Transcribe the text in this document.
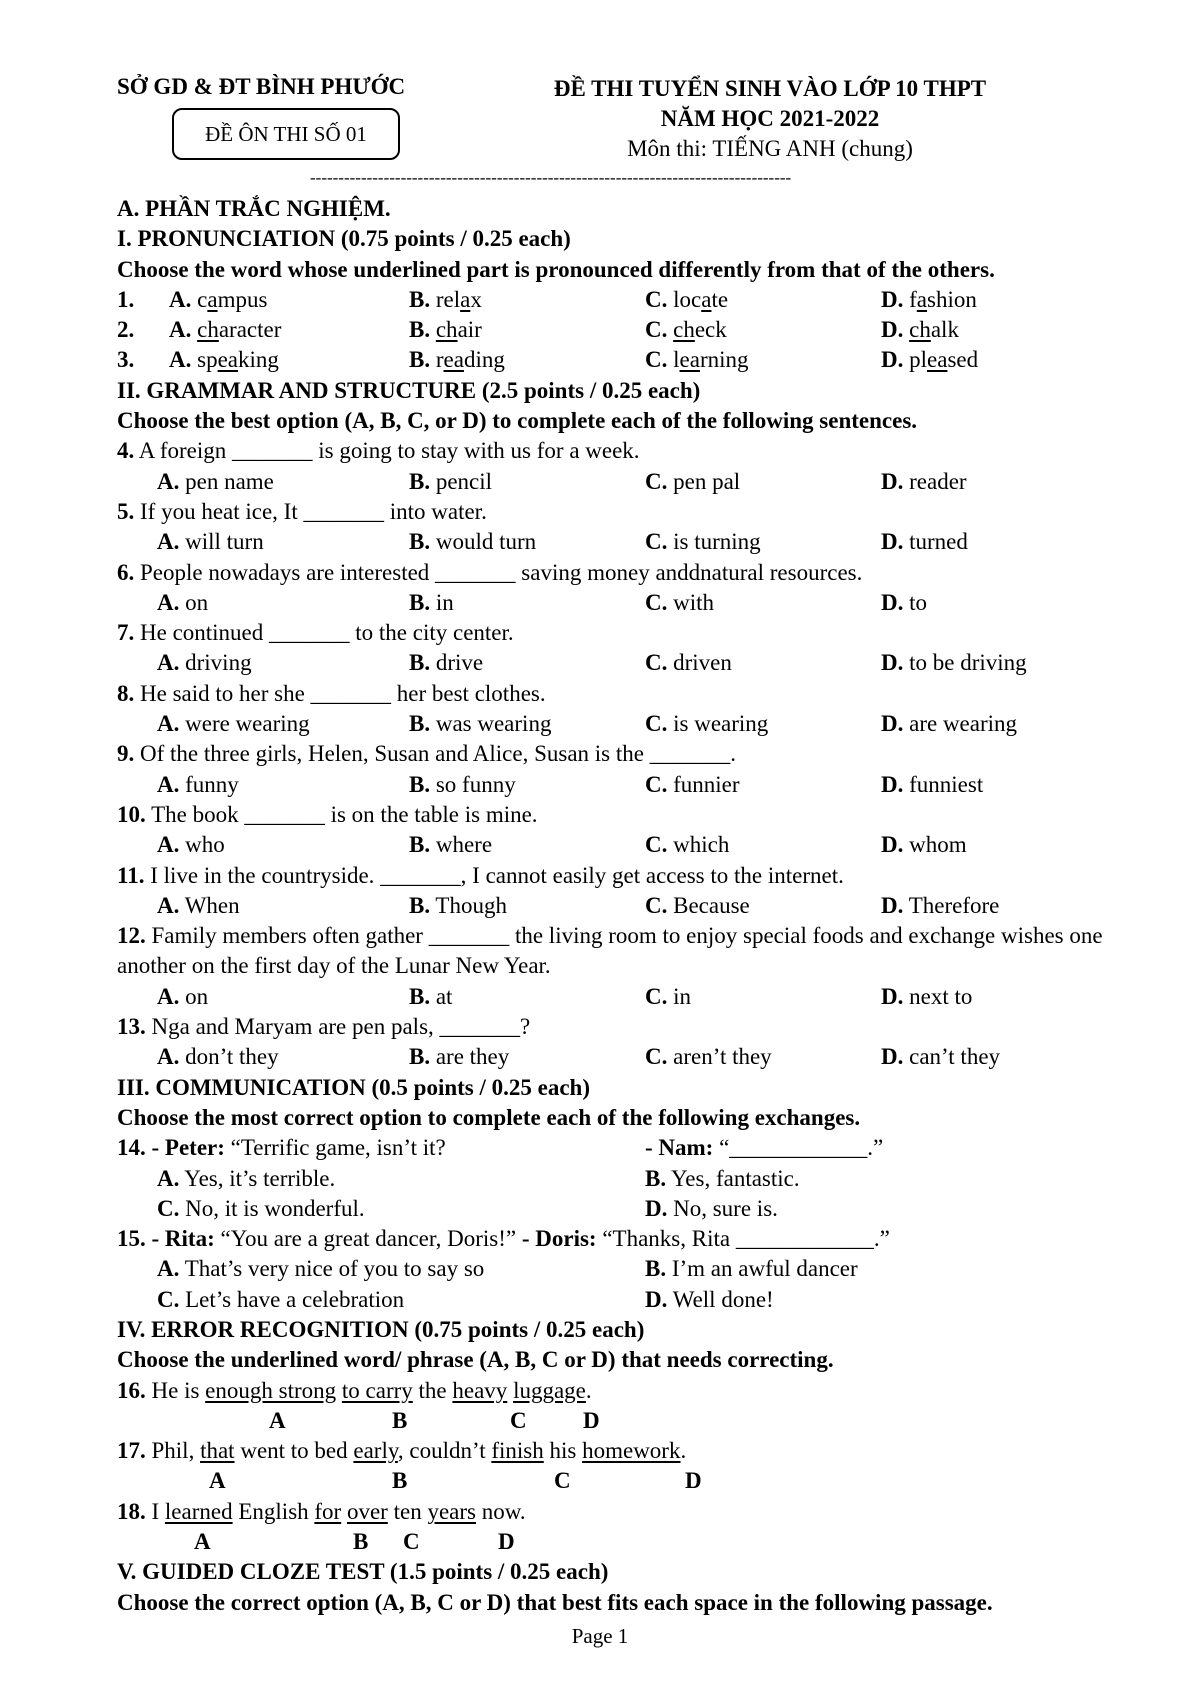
SỞ GD & ĐT BÌNH PHƯỚC
ĐỀ ÔN THI SỐ 01
ĐỀ THI TUYỂN SINH VÀO LỚP 10 THPT
NĂM HỌC 2021-2022
Môn thi: TIẾNG ANH (chung)
-------------------------------------------------------------------------------------
A. PHẦN TRẮC NGHIỆM.
I. PRONUNCIATION (0.75 points / 0.25 each)
Choose the word whose underlined part is pronounced differently from that of the others.
1. A. campus	B. relax	C. locate	D. fashion
2. A. character	B. chair	C. check	D. chalk
3. A. speaking	B. reading	C. learning	D. pleased
II. GRAMMAR AND STRUCTURE (2.5 points / 0.25 each)
Choose the best option (A, B, C, or D) to complete each of the following sentences.
4. A foreign _______ is going to stay with us for a week.
A. pen name	B. pencil	C. pen pal	D. reader
5. If you heat ice, It _______ into water.
A. will turn	B. would turn	C. is turning	D. turned
6. People nowadays are interested _______ saving money anddnatural resources.
A. on	B. in	C. with	D. to
7. He continued _______ to the city center.
A. driving	B. drive	C. driven	D. to be driving
8. He said to her she _______ her best clothes.
A. were wearing	B. was wearing	C. is wearing	D. are wearing
9. Of the three girls, Helen, Susan and Alice, Susan is the _______.
A. funny	B. so funny	C. funnier	D. funniest
10. The book _______ is on the table is mine.
A. who	B. where	C. which	D. whom
11. I live in the countryside. _______, I cannot easily get access to the internet.
A. When	B. Though	C. Because	D. Therefore
12. Family members often gather _______ the living room to enjoy special foods and exchange wishes one another on the first day of the Lunar New Year.
A. on	B. at	C. in	D. next to
13. Nga and Maryam are pen pals, _______?
A. don’t they	B. are they	C. aren’t they	D. can’t they
III. COMMUNICATION (0.5 points / 0.25 each)
Choose the most correct option to complete each of the following exchanges.
14. - Peter: “Terrific game, isn’t it?	- Nam: “____________.”
A. Yes, it’s terrible.	B. Yes, fantastic.
C. No, it is wonderful.	D. No, sure is.
15. - Rita: “You are a great dancer, Doris!” - Doris: “Thanks, Rita ____________.”
A. That’s very nice of you to say so	B. I’m an awful dancer
C. Let’s have a celebration	D. Well done!
IV. ERROR RECOGNITION (0.75 points / 0.25 each)
Choose the underlined word/ phrase (A, B, C or D) that needs correcting.
16. He is enough strong to carry the heavy luggage.
A	B	C D
17. Phil, that went to bed early, couldn’t finish his homework.
A	B	C	D
18. I learned English for over ten years now.
A	B C	D
V. GUIDED CLOZE TEST (1.5 points / 0.25 each)
Choose the correct option (A, B, C or D) that best fits each space in the following passage.
Page 1
